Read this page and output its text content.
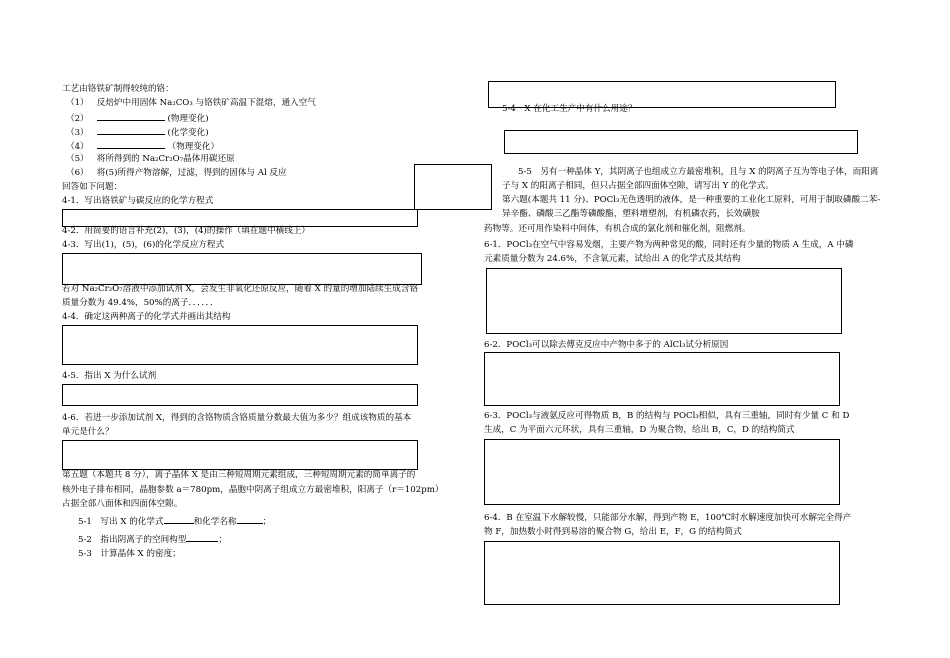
工艺由铬铁矿制得较纯的铬：
（1） 反焙炉中用固体 Na₂CO₃ 与铬铁矿高温下混熔，通入空气
（2）	(物理变化)
（3）	(化学变化)
（4）	（物理变化）
（5） 将所得到的 Na₂Cr₂O₇晶体用碳还原
（6） 将(5)所得产物溶解，过滤，得到的固体与 Al 反应
回答如下问题：
4-1．写出铬铁矿与碳反应的化学方程式
4-2．用简要的语言补充(2)，(3)，(4)的操作（填在题中横线上）
4-3．写出(1)，(5)，(6)的化学反应方程式
若对 Na₂Cr₂O₇溶液中添加试剂 X，会发生非氧化还原反应，随着 X 的量的增加陆续生成含铬
质量分数为 49.4%，50%的离子．．．．．．
4-4．确定这两种离子的化学式并画出其结构
4-5．指出 X 为什么试剂
4-6．若进一步添加试剂 X，得到的含铬物质含铬质量分数最大值为多少？组成该物质的基本
单元是什么？
第五题（本题共 8 分），离子晶体 X 是由三种短周期元素组成，三种短周期元素的简单离子的
核外电子排布相同，晶胞参数 a＝780pm，晶胞中阴离子组成立方最密堆积，阳离子（r＝102pm）
占据全部八面体和四面体空隙。
5-1　写出 X 的化学式	和化学名称	；
5-2　指出阴离子的空间构型	；
5-3　计算晶体 X 的密度；
5-4　X 在化工生产中有什么用途？
5-5　另有一种晶体 Y，其阴离子也组成立方最密堆积，且与 X 的阴离子互为等电子体，而阳离
子与 X 的阳离子相同，但只占据全部四面体空隙，请写出 Y 的化学式。
第六题(本题共 11 分)、POCl₃无色透明的液体，是一种重要的工业化工原料，可用于制取磷酸二苯-
异辛酯、磷酸三乙酯等磷酸酯，塑料增塑剂，有机磷农药，长效磺胺
药物等。还可用作染料中间体，有机合成的氯化剂和催化剂，阻燃剂。
6-1．POCl₃在空气中容易发烟，主要产物为两种常见的酸，同时还有少量的物质 A 生成，A 中磷
元素质量分数为 24.6%，不含氧元素，试给出 A 的化学式及其结构
6-2．POCl₃可以除去傅克反应中产物中多于的 AlCl₃试分析原因
6-3．POCl₃与液氨反应可得物质 B，B 的结构与 POCl₃相似，具有三重轴，同时有少量 C 和 D
生成，C 为平面六元环状，具有三重轴，D 为聚合物，给出 B，C，D 的结构简式
6-4．B 在室温下水解较慢，只能部分水解，得到产物 E，100℃时水解速度加快可水解完全得产
物 F，加热数小时得到易溶的聚合物 G，给出 E，F，G 的结构简式
